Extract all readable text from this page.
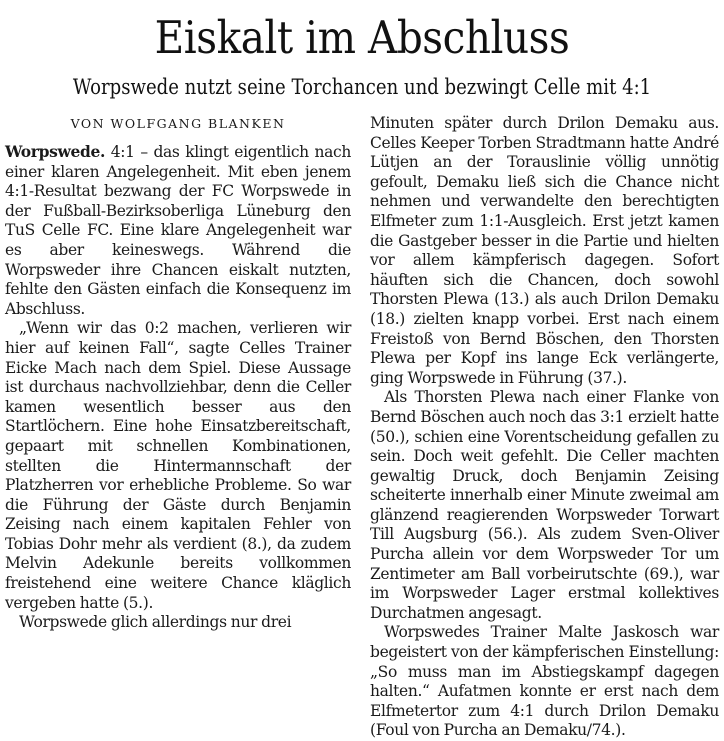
Eiskalt im Abschluss
Worpswede nutzt seine Torchancen und bezwingt Celle mit 4:1
VON WOLFGANG BLANKEN

Worpswede. 4:1 – das klingt eigentlich nach einer klaren Angelegenheit. Mit eben jenem 4:1-Resultat bezwang der FC Worpswede in der Fußball-Bezirksoberliga Lüneburg den TuS Celle FC. Eine klare Angelegenheit war es aber keineswegs. Während die Worpsweder ihre Chancen eiskalt nutzten, fehlte den Gästen einfach die Konsequenz im Abschluss.

„Wenn wir das 0:2 machen, verlieren wir hier auf keinen Fall“, sagte Celles Trainer Eicke Mach nach dem Spiel. Diese Aussage ist durchaus nachvollziehbar, denn die Celler kamen wesentlich besser aus den Startlöchern. Eine hohe Einsatzbereitschaft, gepaart mit schnellen Kombinationen, stellten die Hintermannschaft der Platzherren vor erhebliche Probleme. So war die Führung der Gäste durch Benjamin Zeising nach einem kapitalen Fehler von Tobias Dohr mehr als verdient (8.), da zudem Melvin Adekunle bereits vollkommen freistehend eine weitere Chance kläglich vergeben hatte (5.).

Worpswede glich allerdings nur drei

Minuten später durch Drilon Demaku aus. Celles Keeper Torben Stradtmann hatte André Lütjen an der Torauslinie völlig unnötig gefoult, Demaku ließ sich die Chance nicht nehmen und verwandelte den berechtigten Elfmeter zum 1:1-Ausgleich. Erst jetzt kamen die Gastgeber besser in die Partie und hielten vor allem kämpferisch dagegen. Sofort häuften sich die Chancen, doch sowohl Thorsten Plewa (13.) als auch Drilon Demaku (18.) zielten knapp vorbei. Erst nach einem Freistoß von Bernd Böschen, den Thorsten Plewa per Kopf ins lange Eck verlängerte, ging Worpswede in Führung (37.).

Als Thorsten Plewa nach einer Flanke von Bernd Böschen auch noch das 3:1 erzielt hatte (50.), schien eine Vorentscheidung gefallen zu sein. Doch weit gefehlt. Die Celler machten gewaltig Druck, doch Benjamin Zeising scheiterte innerhalb einer Minute zweimal am glänzend reagierenden Worpsweder Torwart Till Augsburg (56.). Als zudem Sven-Oliver Purcha allein vor dem Worpsweder Tor um Zentimeter am Ball vorbeirutschte (69.), war im Worpsweder Lager erstmal kollektives Durchatmen angesagt.

Worpswedes Trainer Malte Jaskosch war begeistert von der kämpferischen Einstellung: „So muss man im Abstiegskampf dagegen halten.“ Aufatmen konnte er erst nach dem Elfmetertor zum 4:1 durch Drilon Demaku (Foul von Purcha an Demaku/74.).
